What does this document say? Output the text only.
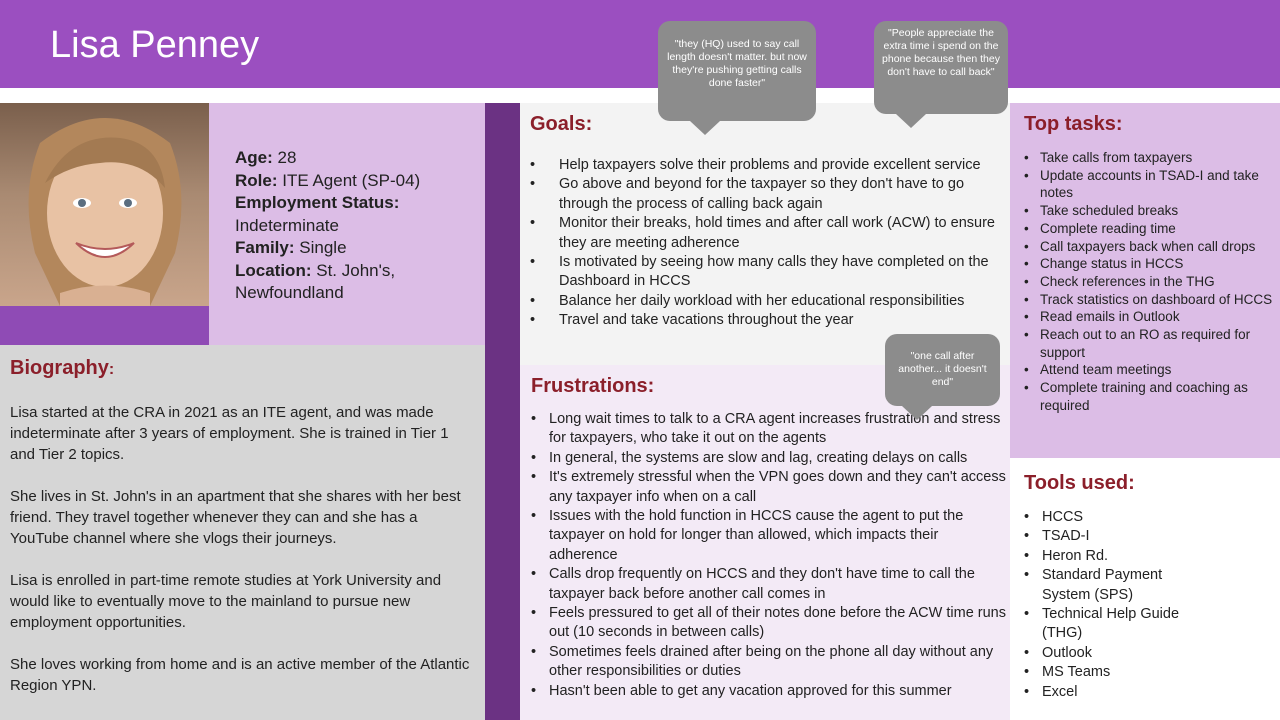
Lisa Penney
Age: 28
Role: ITE Agent (SP-04)
Employment Status:
Indeterminate
Family: Single
Location: St. John's, Newfoundland
Biography:

Lisa started at the CRA in 2021 as an ITE agent, and was made indeterminate after 3 years of employment. She is trained in Tier 1 and Tier 2 topics.

She lives in St. John's in an apartment that she shares with her best friend. They travel together whenever they can and she has a YouTube channel where she vlogs their journeys.

Lisa is enrolled in part-time remote studies at York University and would like to eventually move to the mainland to pursue new employment opportunities.

She loves working from home and is an active member of the Atlantic Region YPN.

Goals:
• Help taxpayers solve their problems and provide excellent service
• Go above and beyond for the taxpayer so they don't have to go through the process of calling back again
• Monitor their breaks, hold times and after call work (ACW) to ensure they are meeting adherence
• Is motivated by seeing how many calls they have completed on the Dashboard in HCCS
• Balance her daily workload with her educational responsibilities
• Travel and take vacations throughout the year
Frustrations:
• Long wait times to talk to a CRA agent increases frustration and stress for taxpayers, who take it out on the agents
• In general, the systems are slow and lag, creating delays on calls
• It's extremely stressful when the VPN goes down and they can't access any taxpayer info when on a call
• Issues with the hold function in HCCS cause the agent to put the taxpayer on hold for longer than allowed, which impacts their adherence
• Calls drop frequently on HCCS and they don't have time to call the taxpayer back before another call comes in
• Feels pressured to get all of their notes done before the ACW time runs out (10 seconds in between calls)
• Sometimes feels drained after being on the phone all day without any other responsibilities or duties
• Hasn't been able to get any vacation approved for this summer
Top tasks:
• Take calls from taxpayers
• Update accounts in TSAD-I and take notes
• Take scheduled breaks
• Complete reading time
• Call taxpayers back when call drops
• Change status in HCCS
• Check references in the THG
• Track statistics on dashboard of HCCS
• Read emails in Outlook
• Reach out to an RO as required for support
• Attend team meetings
• Complete training and coaching as required
Tools used:
• HCCS
• TSAD-I
• Heron Rd.
• Standard Payment System (SPS)
• Technical Help Guide (THG)
• Outlook
• MS Teams
• Excel
"they (HQ) used to say call length doesn't matter. but now they're pushing getting calls done faster"
"People appreciate the extra time i spend on the phone because then they don't have to call back"
"one call after another... it doesn't end"
